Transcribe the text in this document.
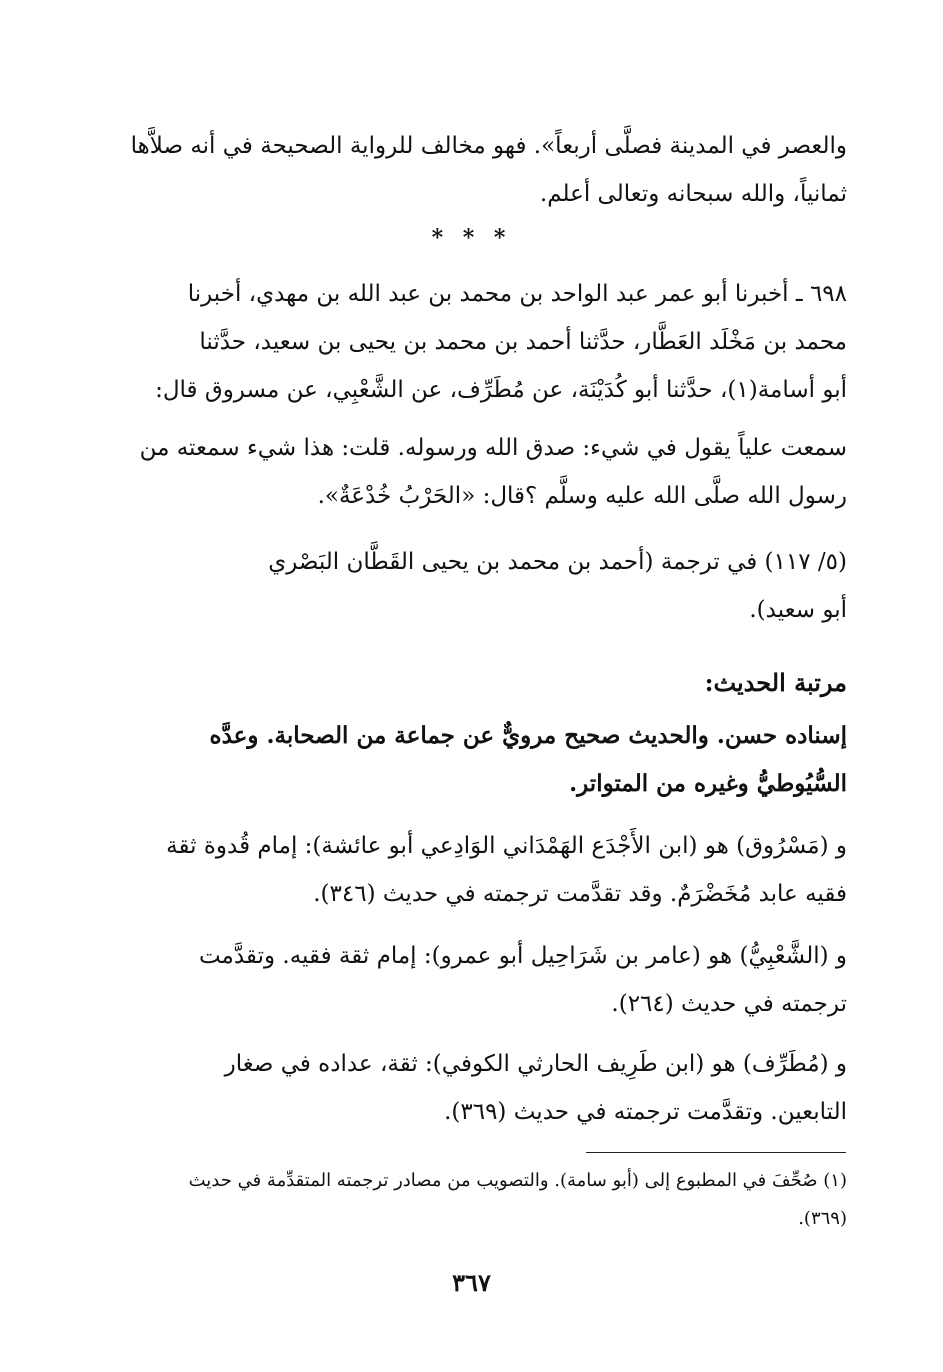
والعصر في المدينة فصلَّى أربعاً». فهو مخالف للرواية الصحيحة في أنه صلاَّها
ثمانياً، والله سبحانه وتعالى أعلم.
* * *
٦٩٨ ـ أخبرنا أبو عمر عبد الواحد بن محمد بن عبد الله بن مهدي، أخبرنا
محمد بن مَخْلَد العَطَّار، حدَّثنا أحمد بن محمد بن يحيى بن سعيد، حدَّثنا
أبو أسامة(١)، حدَّثنا أبو كُدَيْنَة، عن مُطَرِّف، عن الشَّعْبِي، عن مسروق قال:
سمعت علياً يقول في شيء: صدق الله ورسوله. قلت: هذا شيء سمعته من
رسول الله صلَّى الله عليه وسلَّم ؟قال: «الحَرْبُ خُدْعَةٌ».
(٥/ ١١٧) في ترجمة (أحمد بن محمد بن يحيى القَطَّان البَصْري
أبو سعيد).
مرتبة الحديث:
إسناده حسن. والحديث صحيح مرويٌّ عن جماعة من الصحابة. وعدَّه
السُّيُوطيُّ وغيره من المتواتر.
و (مَسْرُوق) هو (ابن الأَجْدَع الهَمْدَاني الوَادِعي أبو عائشة): إمام قُدوة ثقة
فقيه عابد مُخَضْرَمٌ. وقد تقدَّمت ترجمته في حديث (٣٤٦).
و (الشَّعْبِيُّ) هو (عامر بن شَرَاحِيل أبو عمرو): إمام ثقة فقيه. وتقدَّمت
ترجمته في حديث (٢٦٤).
و (مُطَرِّف) هو (ابن طَرِيف الحارثي الكوفي): ثقة، عداده في صغار
التابعين. وتقدَّمت ترجمته في حديث (٣٦٩).
(١) صُحِّفَ في المطبوع إلى (أبو سامة). والتصويب من مصادر ترجمته المتقدِّمة في حديث
(٣٦٩).
٣٦٧
